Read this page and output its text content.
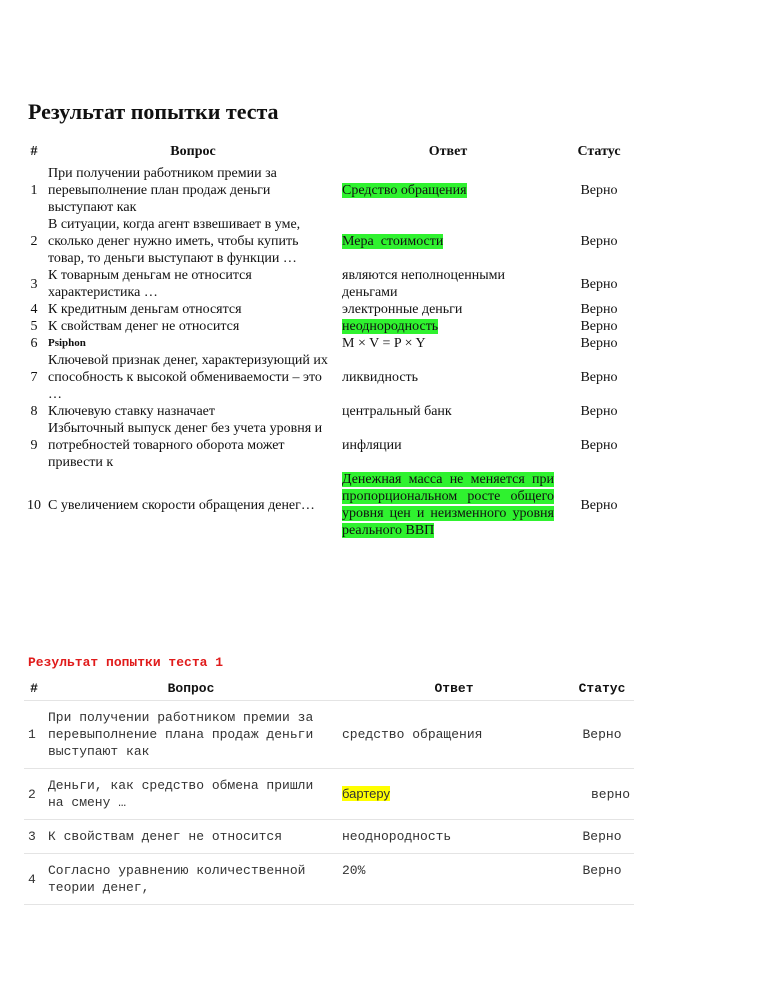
Результат попытки теста
#	Вопрос	Ответ	Статус
1	При получении работником премии за перевыполнение план продаж деньги выступают как	Средство обращения	Верно
2	В ситуации, когда агент взвешивает в уме, сколько денег нужно иметь, чтобы купить товар, то деньги выступают в функции …	Мера  стоимости	Верно
3	К товарным деньгам не относится характеристика …	являются неполноценными деньгами	Верно
4	К кредитным деньгам относятся	электронные деньги	Верно
5	К свойствам денег не относится	неоднородность	Верно
6	Psiphon	M × V = P × Y	Верно
7	Ключевой признак денег, характеризующий их способность к высокой обмениваемости – это …	ликвидность	Верно
8	Ключевую ставку назначает	центральный банк	Верно
9	Избыточный выпуск денег без учета уровня и потребностей товарного оборота может привести к	инфляции	Верно
10	С увеличением скорости обращения денег…	Денежная масса не меняется при пропорциональном росте общего уровня цен и неизменного уровня реального ВВП	Верно
Результат попытки теста 1
#	Вопрос	Ответ	Статус
1	При получении работником премии за перевыполнение плана продаж деньги выступают как	средство обращения	Верно
2	Деньги, как средство обмена пришли на смену …	бартеру	верно
3	К свойствам денег не относится	неоднородность	Верно
4	Согласно уравнению количественной теории денег,	20%	Верно
